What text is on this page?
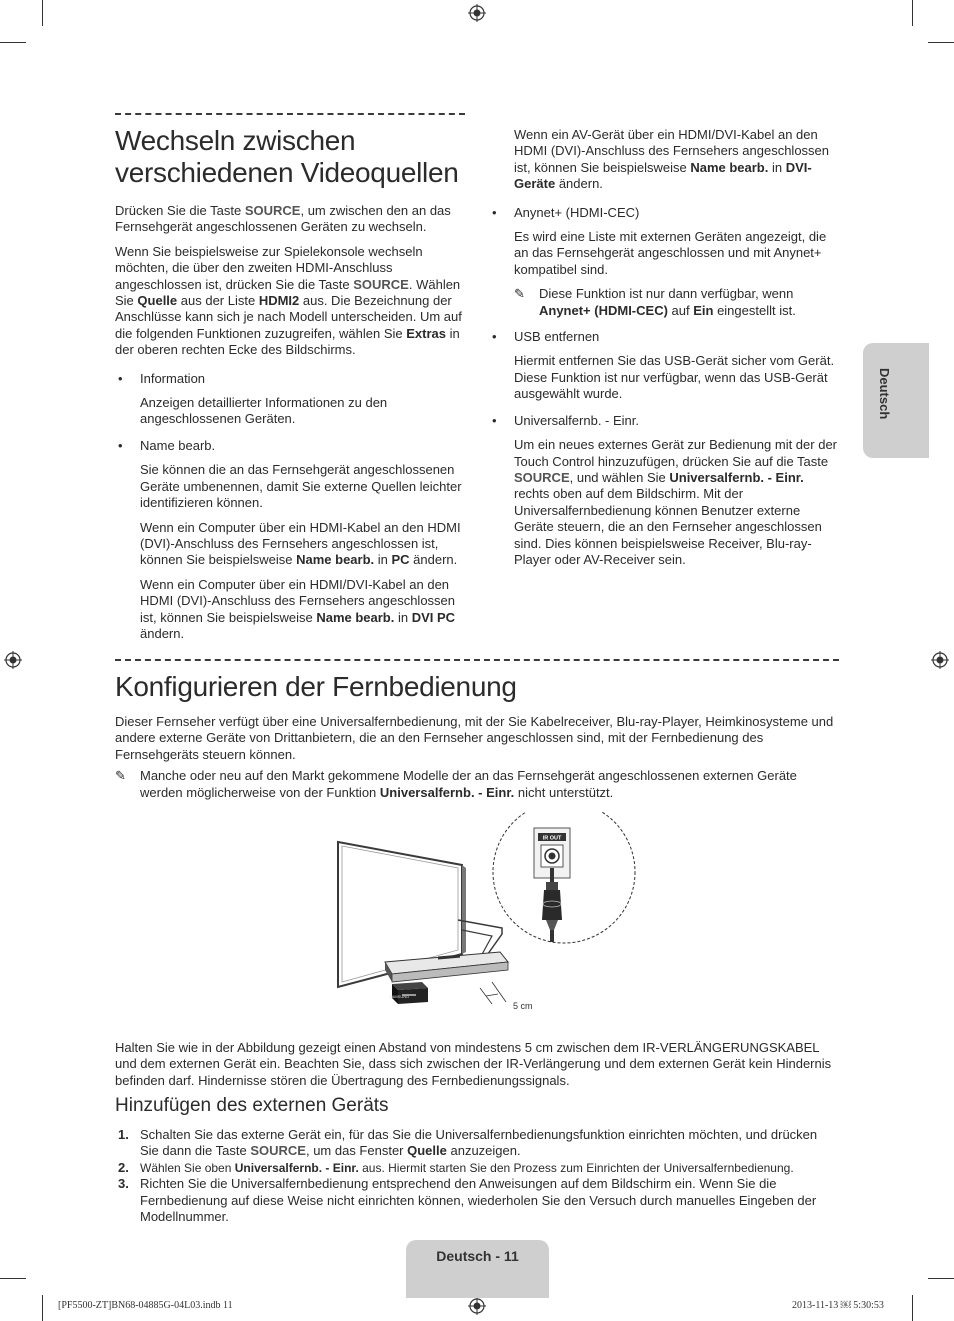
Deutsch
Wechseln zwischen
verschiedenen Videoquellen

Drücken Sie die Taste SOURCE, um zwischen den an das Fernsehgerät angeschlossenen Geräten zu wechseln.

Wenn Sie beispielsweise zur Spielekonsole wechseln möchten, die über den zweiten HDMI-Anschluss angeschlossen ist, drücken Sie die Taste SOURCE. Wählen Sie Quelle aus der Liste HDMI2 aus. Die Bezeichnung der Anschlüsse kann sich je nach Modell unterscheiden. Um auf die folgenden Funktionen zuzugreifen, wählen Sie Extras in der oberen rechten Ecke des Bildschirms.

• Information

Anzeigen detaillierter Informationen zu den angeschlossenen Geräten.

• Name bearb.

Sie können die an das Fernsehgerät angeschlossenen Geräte umbenennen, damit Sie externe Quellen leichter identifizieren können.

Wenn ein Computer über ein HDMI-Kabel an den HDMI (DVI)-Anschluss des Fernsehers angeschlossen ist, können Sie beispielsweise Name bearb. in PC ändern.

Wenn ein Computer über ein HDMI/DVI-Kabel an den HDMI (DVI)-Anschluss des Fernsehers angeschlossen ist, können Sie beispielsweise Name bearb. in DVI PC ändern.

Wenn ein AV-Gerät über ein HDMI/DVI-Kabel an den HDMI (DVI)-Anschluss des Fernsehers angeschlossen ist, können Sie beispielsweise Name bearb. in DVI-Geräte ändern.

• Anynet+ (HDMI-CEC)

Es wird eine Liste mit externen Geräten angezeigt, die an das Fernsehgerät angeschlossen und mit Anynet+ kompatibel sind.

✎ Diese Funktion ist nur dann verfügbar, wenn Anynet+ (HDMI-CEC) auf Ein eingestellt ist.

• USB entfernen

Hiermit entfernen Sie das USB-Gerät sicher vom Gerät. Diese Funktion ist nur verfügbar, wenn das USB-Gerät ausgewählt wurde.

• Universalfernb. - Einr.

Um ein neues externes Gerät zur Bedienung mit der der Touch Control hinzuzufügen, drücken Sie auf die Taste SOURCE, und wählen Sie Universalfernb. - Einr. rechts oben auf dem Bildschirm. Mit der Universalfernbedienung können Benutzer externe Geräte steuern, die an den Fernseher angeschlossen sind. Dies können beispielsweise Receiver, Blu-ray-Player oder AV-Receiver sein.

Konfigurieren der Fernbedienung

Dieser Fernseher verfügt über eine Universalfernbedienung, mit der Sie Kabelreceiver, Blu-ray-Player, Heimkinosysteme und andere externe Geräte von Drittanbietern, die an den Fernseher angeschlossen sind, mit der Fernbedienung des Fernsehgeräts steuern können.

✎ Manche oder neu auf den Markt gekommene Modelle der an das Fernsehgerät angeschlossenen externen Geräte werden möglicherweise von der Funktion Universalfernb. - Einr. nicht unterstützt.

5 cm
IR OUT
SAMSUNG

Halten Sie wie in der Abbildung gezeigt einen Abstand von mindestens 5 cm zwischen dem IR-VERLÄNGERUNGSKABEL und dem externen Gerät ein. Beachten Sie, dass sich zwischen der IR-Verlängerung und dem externen Gerät kein Hindernis befinden darf. Hindernisse stören die Übertragung des Fernbedienungssignals.

Hinzufügen des externen Geräts
1. Schalten Sie das externe Gerät ein, für das Sie die Universalfernbedienungsfunktion einrichten möchten, und drücken Sie dann die Taste SOURCE, um das Fenster Quelle anzuzeigen.
2. Wählen Sie oben Universalfernb. - Einr. aus. Hiermit starten Sie den Prozess zum Einrichten der Universalfernbedienung.
3. Richten Sie die Universalfernbedienung entsprechend den Anweisungen auf dem Bildschirm ein. Wenn Sie die Fernbedienung auf diese Weise nicht einrichten können, wiederholen Sie den Versuch durch manuelles Eingeben der Modellnummer.
Deutsch - 11
[PF5500-ZT]BN68-04885G-04L03.indb 11	2013-11-13 ￼ 5:30:53
